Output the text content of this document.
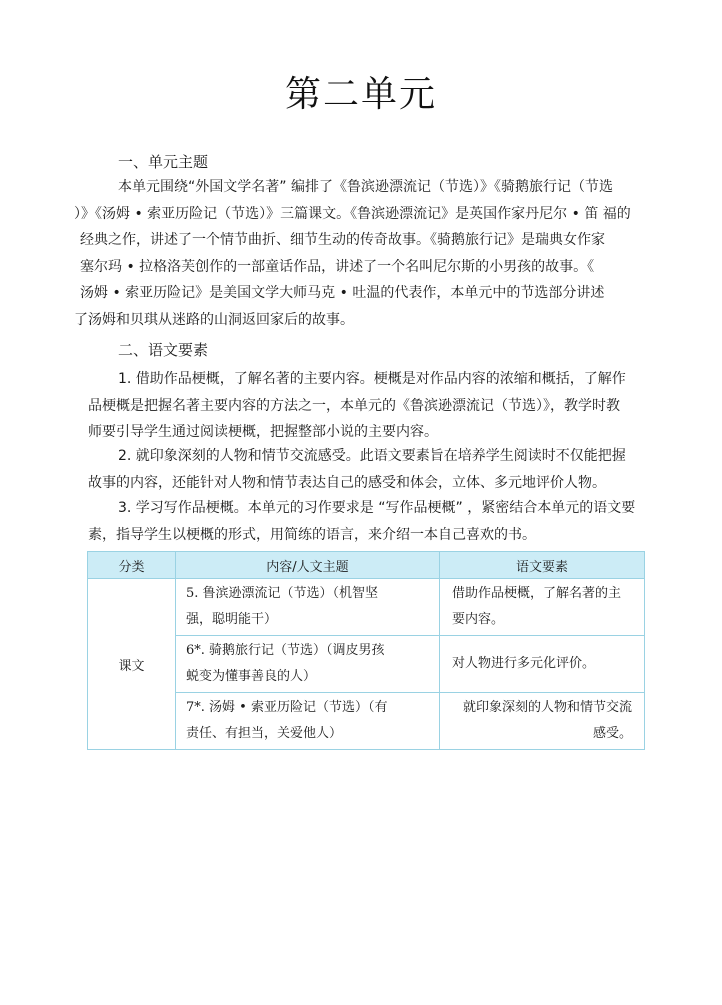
第二单元
一、单元主题
本单元围绕“外国文学名著” 编排了《鲁滨逊漂流记（节选）》《骑鹅旅行记（节选
）》《汤姆 • 索亚历险记（节选）》三篇课文。《鲁滨逊漂流记》是英国作家丹尼尔 • 笛 福的
经典之作，讲述了一个情节曲折、细节生动的传奇故事。《骑鹅旅行记》是瑞典女作家
塞尔玛 • 拉格洛芙创作的一部童话作品，讲述了一个名叫尼尔斯的小男孩的故事。《
汤姆 • 索亚历险记》是美国文学大师马克 • 吐温的代表作，本单元中的节选部分讲述
了汤姆和贝琪从迷路的山洞返回家后的故事。
二、语文要素
1. 借助作品梗概，了解名著的主要内容。梗概是对作品内容的浓缩和概括，了解作
品梗概是把握名著主要内容的方法之一，本单元的《鲁滨逊漂流记（节选）》，教学时教
师要引导学生通过阅读梗概，把握整部小说的主要内容。
2. 就印象深刻的人物和情节交流感受。此语文要素旨在培养学生阅读时不仅能把握
故事的内容，还能针对人物和情节表达自己的感受和体会，立体、多元地评价人物。
3. 学习写作品梗概。本单元的习作要求是 “写作品梗概” ，紧密结合本单元的语文要
素，指导学生以梗概的形式，用简练的语言，来介绍一本自己喜欢的书。
分类	内容/人文主题	语文要素
课文	5. 鲁滨逊漂流记（节选）（机智坚
强，聪明能干）	借助作品梗概，了解名著的主要内容。

	6*. 骑鹅旅行记（节选）（调皮男孩
蜕变为懂事善良的人）	对人物进行多元化评价。

	7*. 汤姆 • 索亚历险记（节选）（有
责任、有担当，关爱他人）	就印象深刻的人物和情节交流感受。
